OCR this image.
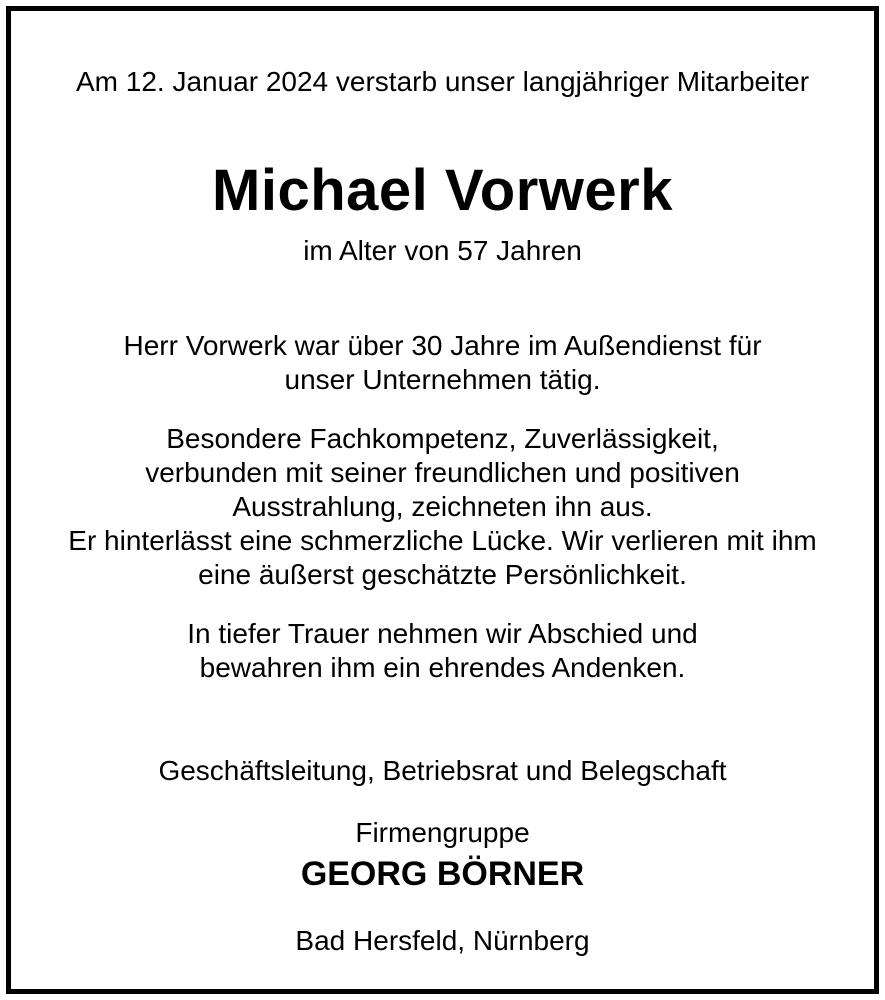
Am 12. Januar 2024 verstarb unser langjähriger Mitarbeiter
Michael Vorwerk
im Alter von 57 Jahren
Herr Vorwerk war über 30 Jahre im Außendienst für
unser Unternehmen tätig.
Besondere Fachkompetenz, Zuverlässigkeit,
verbunden mit seiner freundlichen und positiven
Ausstrahlung, zeichneten ihn aus.
Er hinterlässt eine schmerzliche Lücke. Wir verlieren mit ihm
eine äußerst geschätzte Persönlichkeit.
In tiefer Trauer nehmen wir Abschied und
bewahren ihm ein ehrendes Andenken.
Geschäftsleitung, Betriebsrat und Belegschaft
Firmengruppe
GEORG BÖRNER
Bad Hersfeld, Nürnberg
